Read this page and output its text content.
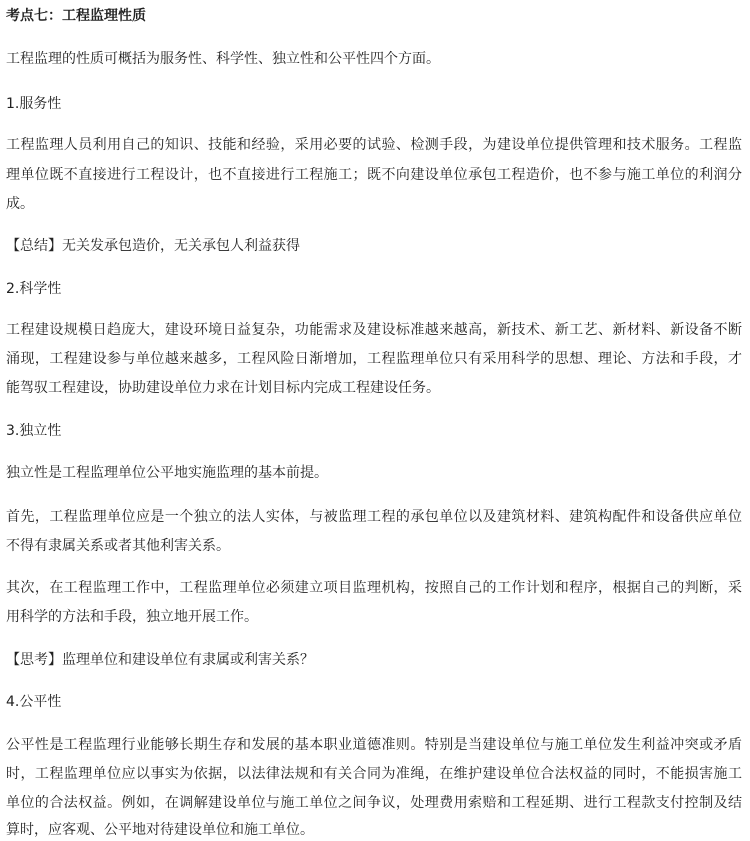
考点七：工程监理性质

工程监理的性质可概括为服务性、科学性、独立性和公平性四个方面。

1.服务性

工程监理人员利用自己的知识、技能和经验，采用必要的试验、检测手段，为建设单位提供管理和技术服务。工程监

理单位既不直接进行工程设计，也不直接进行工程施工；既不向建设单位承包工程造价，也不参与施工单位的利润分

成。

【总结】无关发承包造价，无关承包人利益获得

2.科学性

工程建设规模日趋庞大，建设环境日益复杂，功能需求及建设标准越来越高，新技术、新工艺、新材料、新设备不断

涌现，工程建设参与单位越来越多，工程风险日渐增加，工程监理单位只有采用科学的思想、理论、方法和手段，才

能驾驭工程建设，协助建设单位力求在计划目标内完成工程建设任务。

3.独立性

独立性是工程监理单位公平地实施监理的基本前提。

首先，工程监理单位应是一个独立的法人实体，与被监理工程的承包单位以及建筑材料、建筑构配件和设备供应单位

不得有隶属关系或者其他利害关系。

其次，在工程监理工作中，工程监理单位必须建立项目监理机构，按照自己的工作计划和程序，根据自己的判断，采

用科学的方法和手段，独立地开展工作。

【思考】监理单位和建设单位有隶属或利害关系？

4.公平性

公平性是工程监理行业能够长期生存和发展的基本职业道德准则。特别是当建设单位与施工单位发生利益冲突或矛盾

时，工程监理单位应以事实为依据，以法律法规和有关合同为准绳，在维护建设单位合法权益的同时，不能损害施工

单位的合法权益。例如，在调解建设单位与施工单位之间争议，处理费用索赔和工程延期、进行工程款支付控制及结

算时，应客观、公平地对待建设单位和施工单位。
